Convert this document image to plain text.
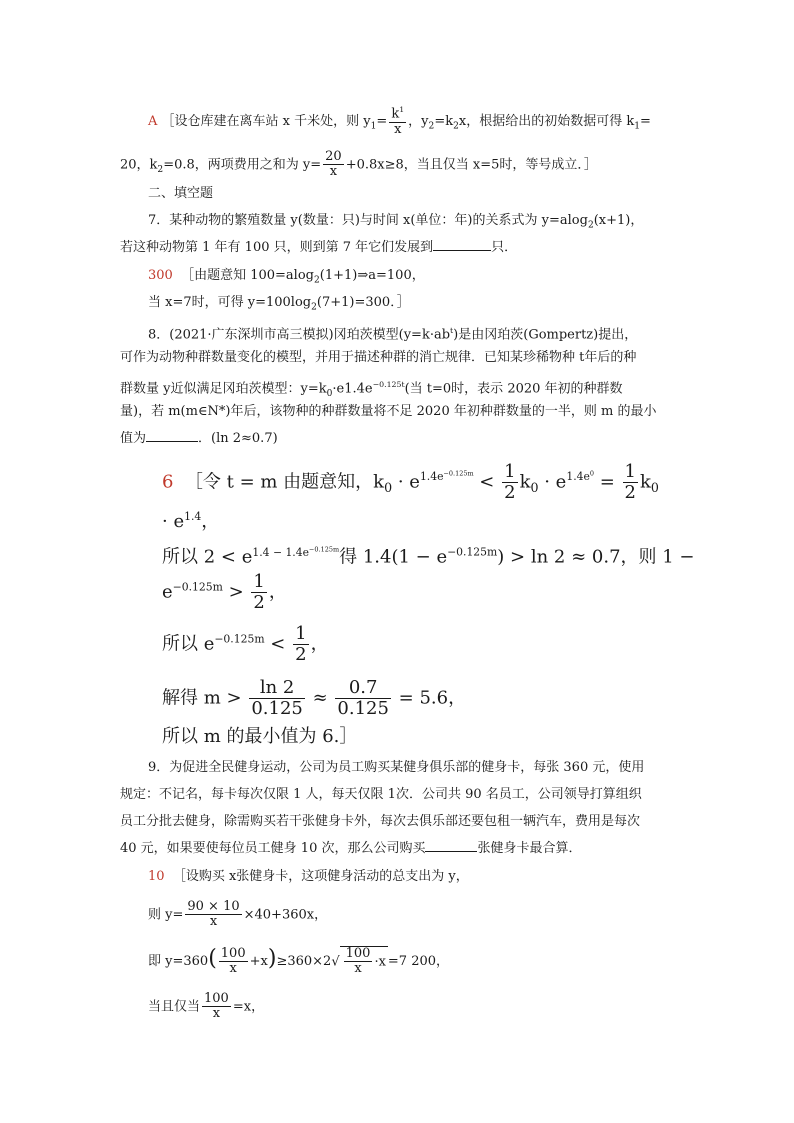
A ［设仓库建在离车站 x 千米处，则 $y_1= \frac{k^1}{x}$ ，$y_2=k_2x$，根据给出的初始数据可得 $k_1=$
20，$k_2=0.8$，两项费用之和为 $y= \frac{20}{x} +0.8x\ge 8$，当且仅当 x=5时，等号成立．］
二、填空题
7．某种动物的繁殖数量 y(数量：只)与时间 x(单位：年)的关系式为 y=alog$_2$(x+1)，
若这种动物第 1 年有 100 只，则到第 7 年它们发展到	只．
300 ［由题意知 100=alog$_2$(1+1)⇒a=100，
当 x=7时，可得 $y=100\log_2(7+1)=300$．］
8．(2021·广东深圳市高三模拟)冈珀茨模型$(y=k\cdot ab^t)$是由冈珀茨(Gompertz)提出，
可作为动物种群数量变化的模型，并用于描述种群的消亡规律．已知某珍稀物种 t年后的种
群数量 y近似满足冈珀茨模型：$y=k_0\cdot e1.4e^{-0.125t}$(当 t=0时，表示 2020 年初的种群数
量)，若 m(m∈N*)年后，该物种的种群数量将不足 2020 年初种群数量的一半，则 m 的最小
值为	．(ln 2≈0.7)
6 ［令 t = m 由题意知，$k_0 \cdot e^{1.4e^{-0.125m}} < \frac{1}{2} k_0 \cdot e^{1.4e^0} = \frac{1}{2} k_0$
· $e^{1.4}$，
所以 $2 < e^{1.4 - 1.4e^{-0.125m}}$得 $1.4(1 - e^{-0.125m}) > \ln 2 \approx 0.7$，则 1 −
$e^{-0.125m} > \frac{1}{2}$ ，
所以 $e^{-0.125m} < \frac{1}{2}$ ，
解得 $m > \frac{\ln 2}{0.125} \approx \frac{0.7}{0.125} = 5.6$，
所以 m 的最小值为 6.］
9．为促进全民健身运动，公司为员工购买某健身俱乐部的健身卡，每张 360 元，使用
规定：不记名，每卡每次仅限 1 人，每天仅限 1次．公司共 90 名员工，公司领导打算组织
员工分批去健身，除需购买若干张健身卡外，每次去俱乐部还要包租一辆汽车，费用是每次
40 元，如果要使每位员工健身 10 次，那么公司购买	张健身卡最合算．
10 ［设购买 x张健身卡，这项健身活动的总支出为 y，
则 $y= \frac{90 \times 10}{x} \times 40+360x$，
即 $y=360( \frac{100}{x} +x)\ge 360\times 2√ \frac{100}{x} \cdot x =7$ 200，
当且仅当 $\frac{100}{x} =x$，
